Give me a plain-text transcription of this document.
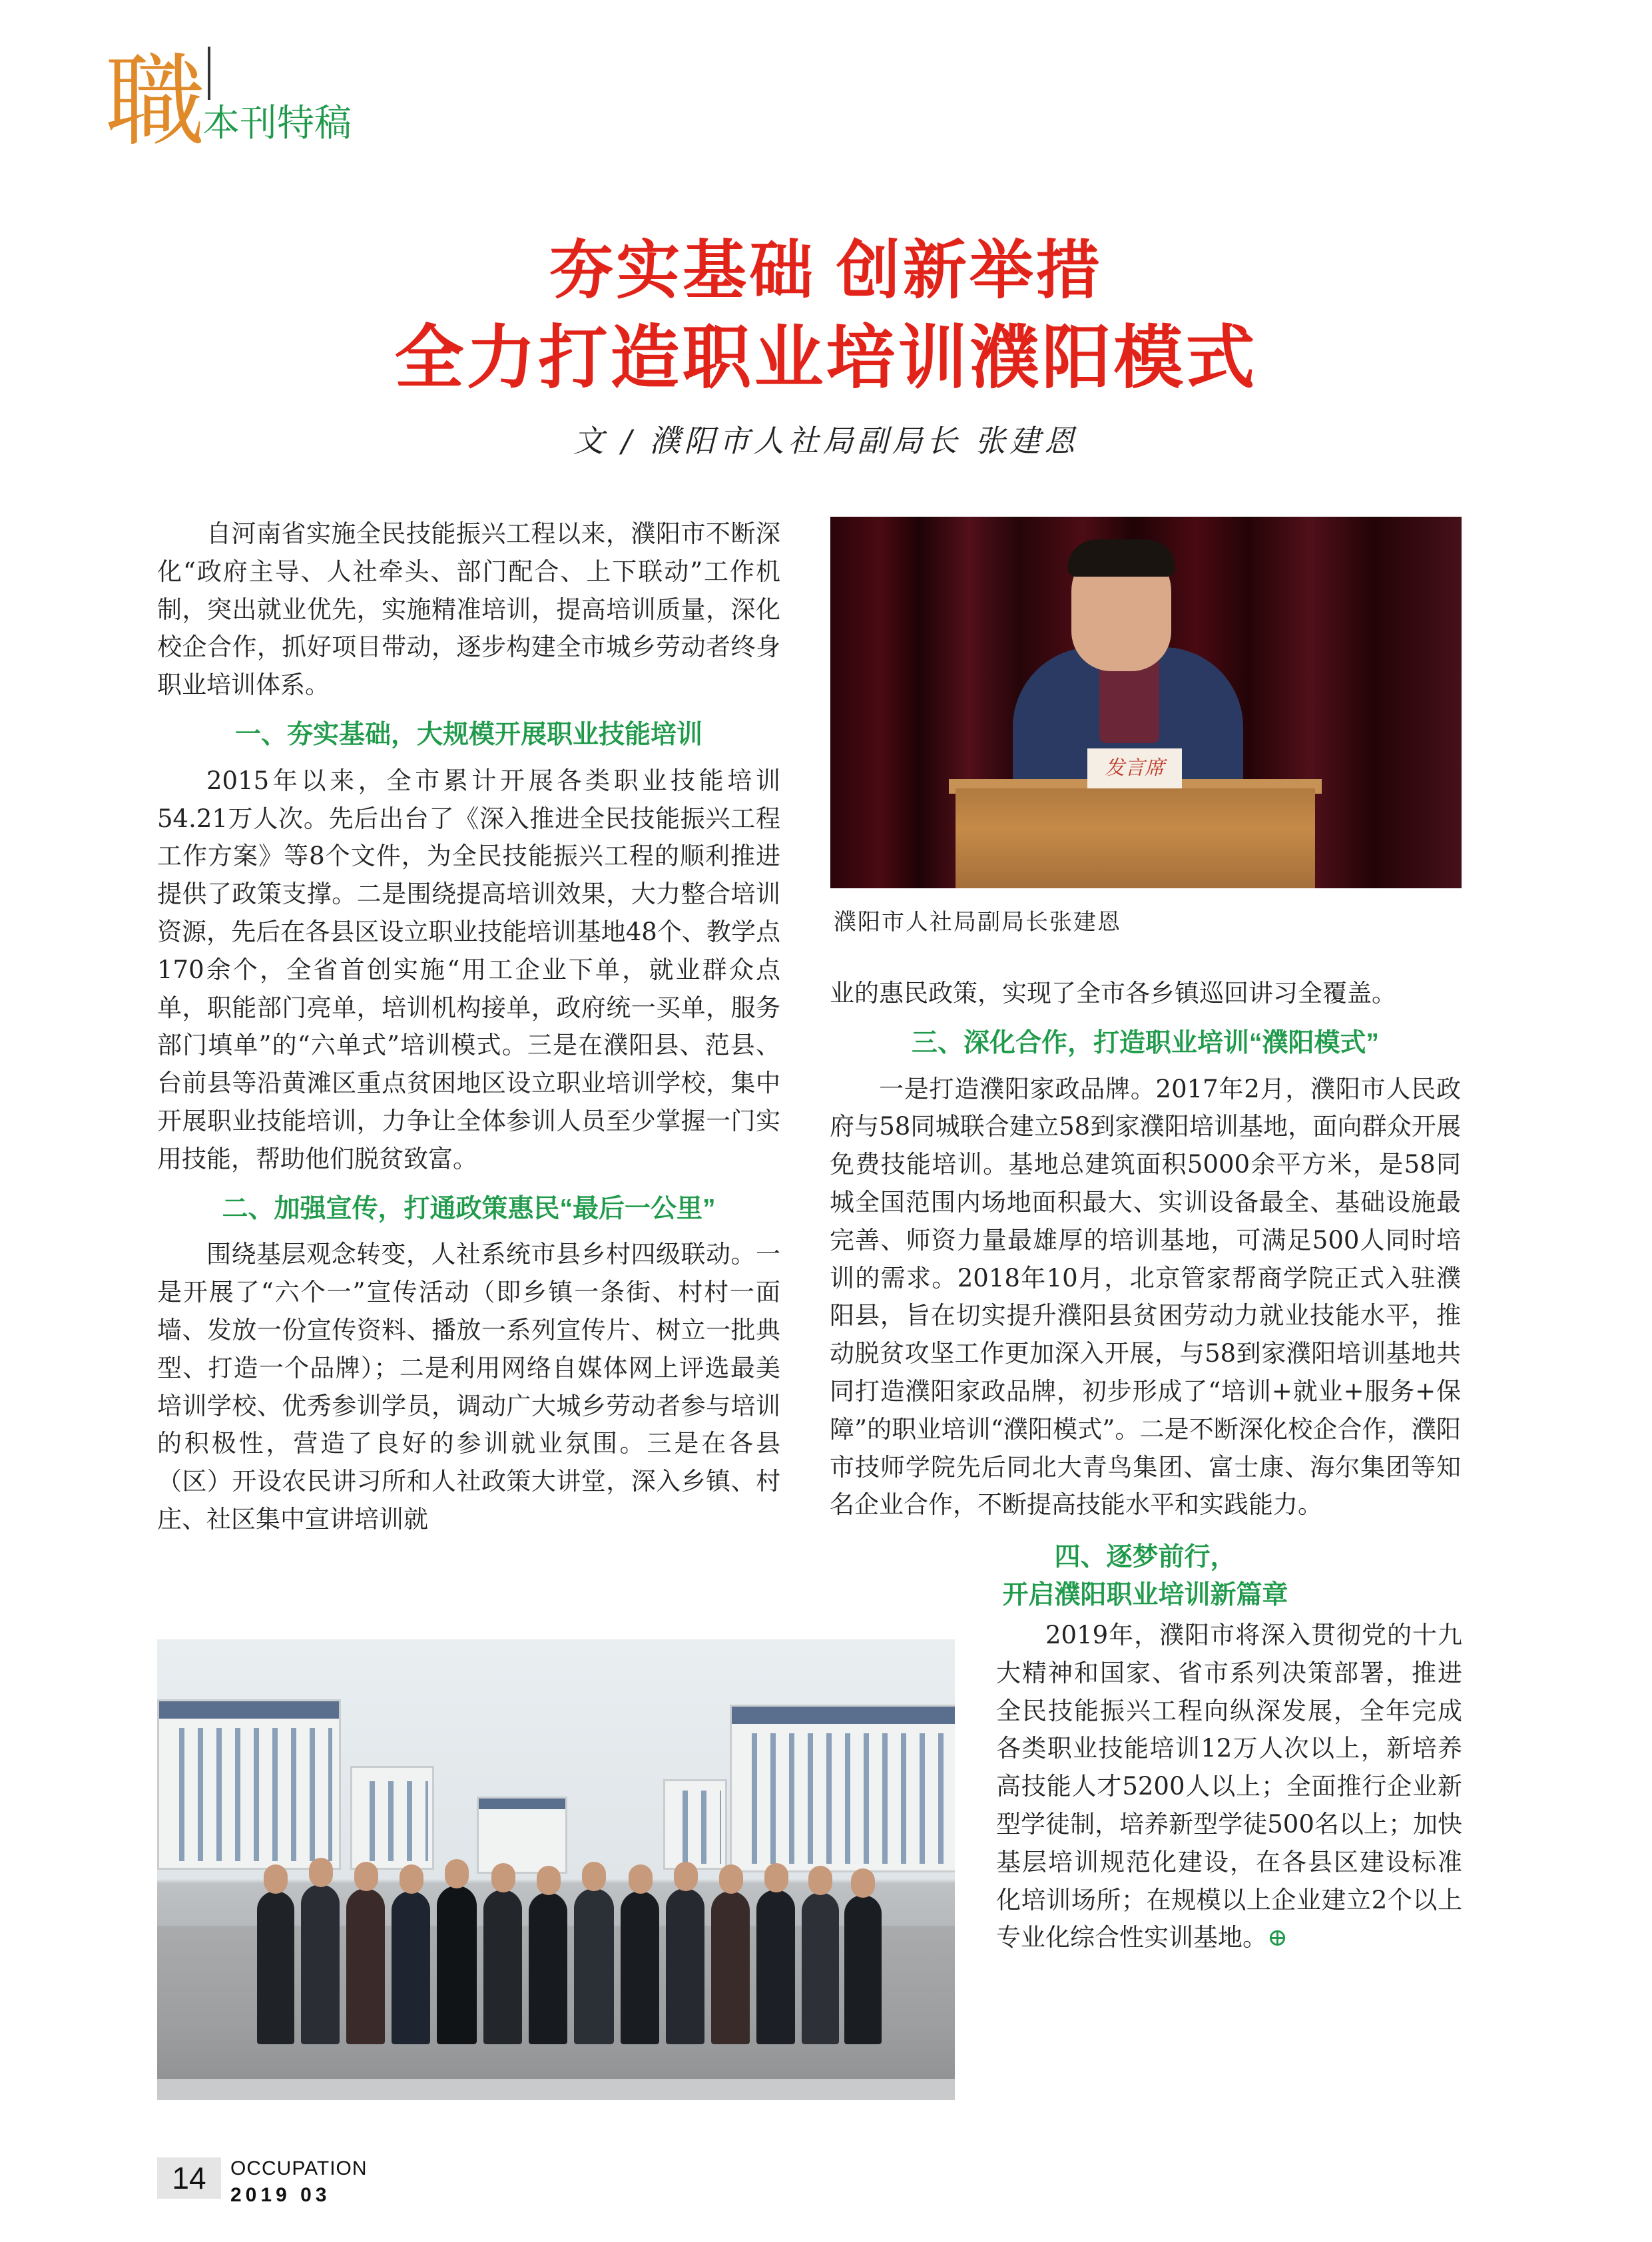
職
本刊特稿
夯实基础 创新举措
全力打造职业培训濮阳模式
文 / 濮阳市人社局副局长 张建恩

自河南省实施全民技能振兴工程以来，濮阳市不断深化“政府主导、人社牵头、部门配合、上下联动”工作机制，突出就业优先，实施精准培训，提高培训质量，深化校企合作，抓好项目带动，逐步构建全市城乡劳动者终身职业培训体系。

一、夯实基础，大规模开展职业技能培训

2015年以来，全市累计开展各类职业技能培训54.21万人次。先后出台了《深入推进全民技能振兴工程工作方案》等8个文件，为全民技能振兴工程的顺利推进提供了政策支撑。二是围绕提高培训效果，大力整合培训资源，先后在各县区设立职业技能培训基地48个、教学点170余个，全省首创实施“用工企业下单，就业群众点单，职能部门亮单，培训机构接单，政府统一买单，服务部门填单”的“六单式”培训模式。三是在濮阳县、范县、台前县等沿黄滩区重点贫困地区设立职业培训学校，集中开展职业技能培训，力争让全体参训人员至少掌握一门实用技能，帮助他们脱贫致富。

二、加强宣传，打通政策惠民“最后一公里”

围绕基层观念转变，人社系统市县乡村四级联动。一是开展了“六个一”宣传活动（即乡镇一条街、村村一面墙、发放一份宣传资料、播放一系列宣传片、树立一批典型、打造一个品牌）；二是利用网络自媒体网上评选最美培训学校、优秀参训学员，调动广大城乡劳动者参与培训的积极性，营造了良好的参训就业氛围。三是在各县（区）开设农民讲习所和人社政策大讲堂，深入乡镇、村庄、社区集中宣讲培训就

发言席
濮阳市人社局副局长张建恩

业的惠民政策，实现了全市各乡镇巡回讲习全覆盖。

三、深化合作，打造职业培训“濮阳模式”

一是打造濮阳家政品牌。2017年2月，濮阳市人民政府与58同城联合建立58到家濮阳培训基地，面向群众开展免费技能培训。基地总建筑面积5000余平方米，是58同城全国范围内场地面积最大、实训设备最全、基础设施最完善、师资力量最雄厚的培训基地，可满足500人同时培训的需求。2018年10月，北京管家帮商学院正式入驻濮阳县，旨在切实提升濮阳县贫困劳动力就业技能水平，推动脱贫攻坚工作更加深入开展，与58到家濮阳培训基地共同打造濮阳家政品牌，初步形成了“培训+就业+服务+保障”的职业培训“濮阳模式”。二是不断深化校企合作，濮阳市技师学院先后同北大青鸟集团、富士康、海尔集团等知名企业合作，不断提高技能水平和实践能力。

四、逐梦前行，

开启濮阳职业培训新篇章

2019年，濮阳市将深入贯彻党的十九大精神和国家、省市系列决策部署，推进全民技能振兴工程向纵深发展，全年完成各类职业技能培训12万人次以上，新培养高技能人才5200人以上；全面推行企业新型学徒制，培养新型学徒500名以上；加快基层培训规范化建设，在各县区建设标准化培训场所；在规模以上企业建立2个以上专业化综合性实训基地。⊕

14	OCCUPATION
2019 03
